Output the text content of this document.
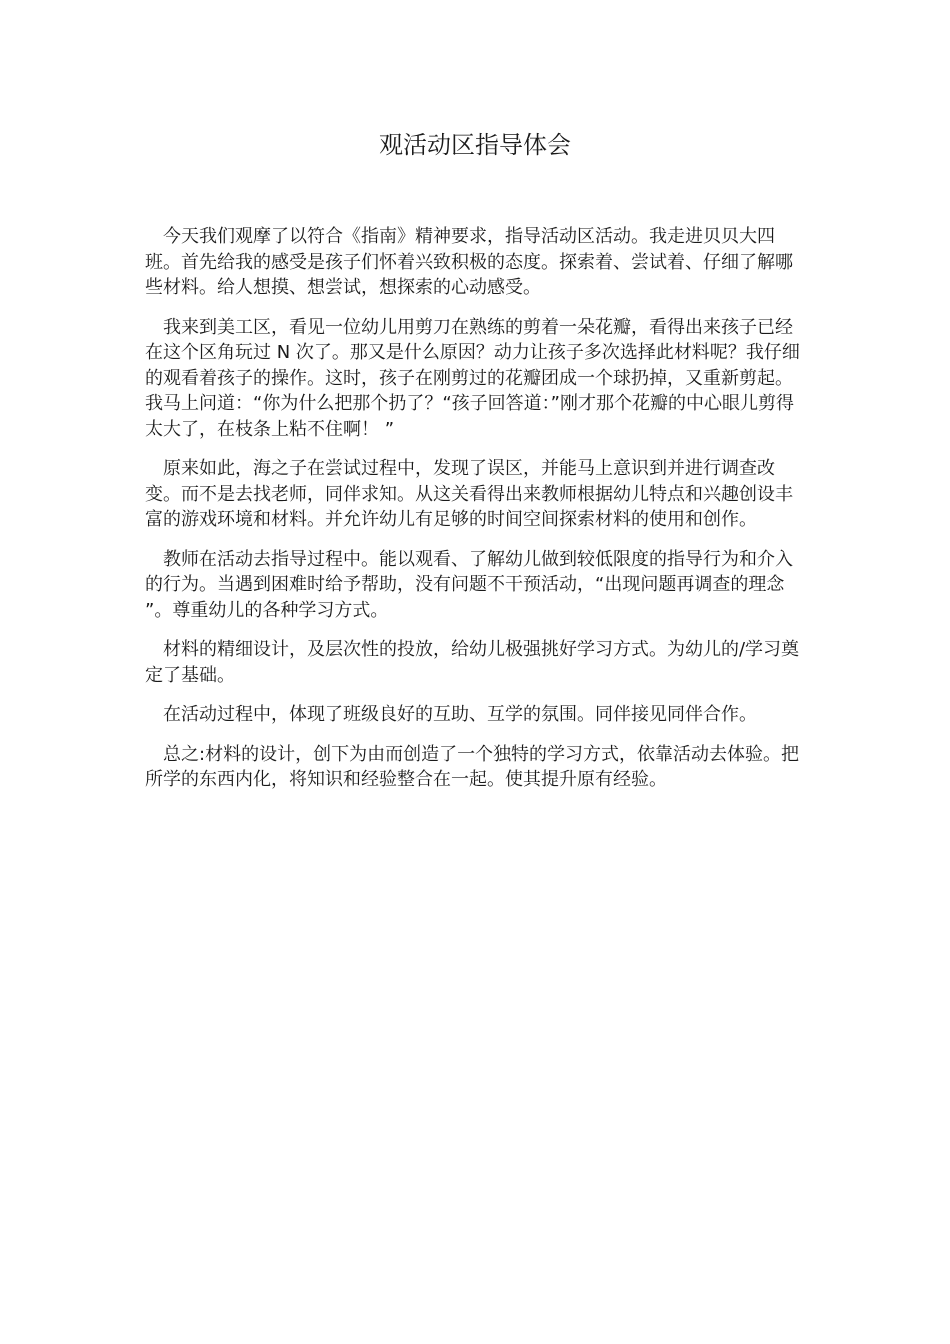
观活动区指导体会

今天我们观摩了以符合《指南》精神要求，指导活动区活动。我走进贝贝大四班。首先给我的感受是孩子们怀着兴致积极的态度。探索着、尝试着、仔细了解哪些材料。给人想摸、想尝试，想探索的心动感受。

我来到美工区，看见一位幼儿用剪刀在熟练的剪着一朵花瓣，看得出来孩子已经在这个区角玩过 N 次了。那又是什么原因？动力让孩子多次选择此材料呢？我仔细的观看着孩子的操作。这时，孩子在刚剪过的花瓣团成一个球扔掉，又重新剪起。我马上问道：“你为什么把那个扔了？“孩子回答道：”刚才那个花瓣的中心眼儿剪得太大了，在枝条上粘不住啊！ ”

原来如此，海之子在尝试过程中，发现了误区，并能马上意识到并进行调查改变。而不是去找老师，同伴求知。从这关看得出来教师根据幼儿特点和兴趣创设丰富的游戏环境和材料。并允许幼儿有足够的时间空间探索材料的使用和创作。

教师在活动去指导过程中。能以观看、了解幼儿做到较低限度的指导行为和介入的行为。当遇到困难时给予帮助，没有问题不干预活动，“出现问题再调查的理念 ”。尊重幼儿的各种学习方式。

材料的精细设计，及层次性的投放，给幼儿极强挑好学习方式。为幼儿的/学习奠定了基础。

在活动过程中，体现了班级良好的互助、互学的氛围。同伴接见同伴合作。

总之:材料的设计，创下为由而创造了一个独特的学习方式，依靠活动去体验。把所学的东西内化，将知识和经验整合在一起。使其提升原有经验。
